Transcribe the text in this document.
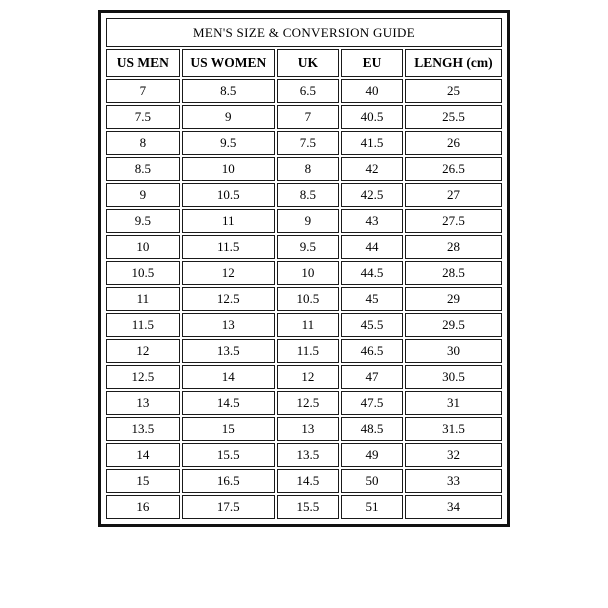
MEN'S SIZE & CONVERSION GUIDE				
US MEN	US WOMEN	UK	EU	LENGH (cm)
7	8.5	6.5	40	25
7.5	9	7	40.5	25.5
8	9.5	7.5	41.5	26
8.5	10	8	42	26.5
9	10.5	8.5	42.5	27
9.5	11	9	43	27.5
10	11.5	9.5	44	28
10.5	12	10	44.5	28.5
11	12.5	10.5	45	29
11.5	13	11	45.5	29.5
12	13.5	11.5	46.5	30
12.5	14	12	47	30.5
13	14.5	12.5	47.5	31
13.5	15	13	48.5	31.5
14	15.5	13.5	49	32
15	16.5	14.5	50	33
16	17.5	15.5	51	34
